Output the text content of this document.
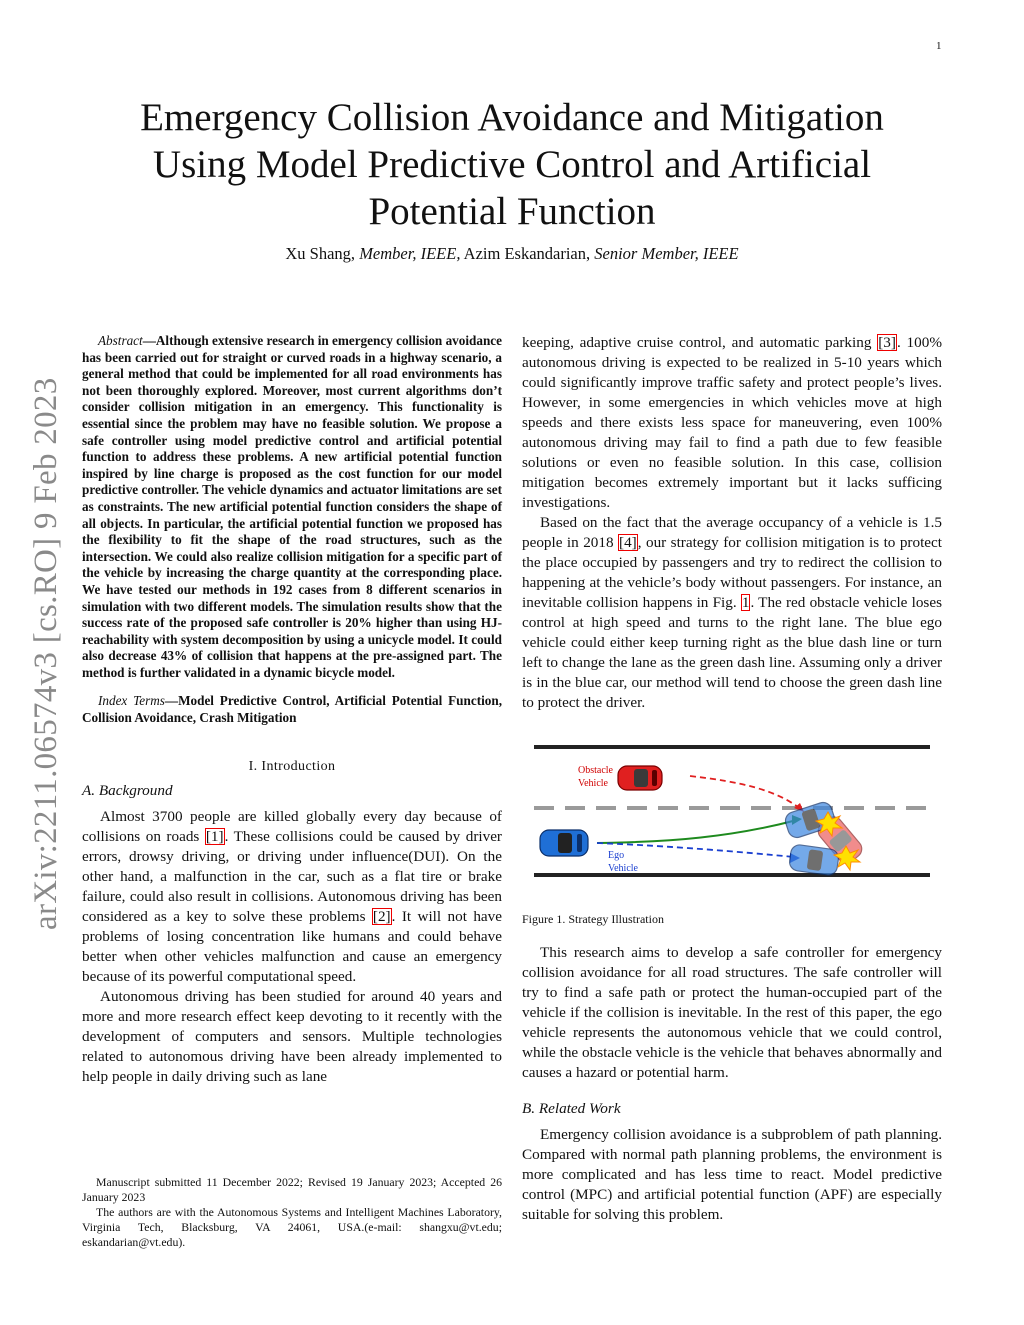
1
arXiv:2211.06574v3 [cs.RO] 9 Feb 2023
Emergency Collision Avoidance and Mitigation Using Model Predictive Control and Artificial Potential Function
Xu Shang, Member, IEEE, Azim Eskandarian, Senior Member, IEEE

Abstract—Although extensive research in emergency collision avoidance has been carried out for straight or curved roads in a highway scenario, a general method that could be implemented for all road environments has not been thoroughly explored. Moreover, most current algorithms don’t consider collision mitigation in an emergency. This functionality is essential since the problem may have no feasible solution. We propose a safe controller using model predictive control and artificial potential function to address these problems. A new artificial potential function inspired by line charge is proposed as the cost function for our model predictive controller. The vehicle dynamics and actuator limitations are set as constraints. The new artificial potential function considers the shape of all objects. In particular, the artificial potential function we proposed has the flexibility to fit the shape of the road structures, such as the intersection. We could also realize collision mitigation for a specific part of the vehicle by increasing the charge quantity at the corresponding place. We have tested our methods in 192 cases from 8 different scenarios in simulation with two different models. The simulation results show that the success rate of the proposed safe controller is 20% higher than using HJ-reachability with system decomposition by using a unicycle model. It could also decrease 43% of collision that happens at the pre-assigned part. The method is further validated in a dynamic bicycle model.

Index Terms—Model Predictive Control, Artificial Potential Function, Collision Avoidance, Crash Mitigation

I. Introduction
A. Background

Almost 3700 people are killed globally every day because of collisions on roads [1]. These collisions could be caused by driver errors, drowsy driving, or driving under influence(DUI). On the other hand, a malfunction in the car, such as a flat tire or brake failure, could also result in collisions. Autonomous driving has been considered as a key to solve these problems [2]. It will not have problems of losing concentration like humans and could behave better when other vehicles malfunction and cause an emergency because of its powerful computational speed.

Autonomous driving has been studied for around 40 years and more and more research effect keep devoting to it recently with the development of computers and sensors. Multiple technologies related to autonomous driving have been already implemented to help people in daily driving such as lane

Manuscript submitted 11 December 2022; Revised 19 January 2023; Accepted 26 January 2023

The authors are with the Autonomous Systems and Intelligent Machines Laboratory, Virginia Tech, Blacksburg, VA 24061, USA.(e-mail: shangxu@vt.edu; eskandarian@vt.edu).

keeping, adaptive cruise control, and automatic parking [3]. 100% autonomous driving is expected to be realized in 5-10 years which could significantly improve traffic safety and protect people’s lives. However, in some emergencies in which vehicles move at high speeds and there exists less space for maneuvering, even 100% autonomous driving may fail to find a path due to few feasible solutions or even no feasible solution. In this case, collision mitigation becomes extremely important but it lacks sufficing investigations.

Based on the fact that the average occupancy of a vehicle is 1.5 people in 2018 [4], our strategy for collision mitigation is to protect the place occupied by passengers and try to redirect the collision to happening at the vehicle’s body without passengers. For instance, an inevitable collision happens in Fig. 1. The red obstacle vehicle loses control at high speed and turns to the right lane. The blue ego vehicle could either keep turning right as the blue dash line or turn left to change the lane as the green dash line. Assuming only a driver is in the blue car, our method will tend to choose the green dash line to protect the driver.

Obstacle
Vehicle
Ego
Vehicle
Figure 1. Strategy Illustration

This research aims to develop a safe controller for emergency collision avoidance for all road structures. The safe controller will try to find a safe path or protect the human-occupied part of the vehicle if the collision is inevitable. In the rest of this paper, the ego vehicle represents the autonomous vehicle that we could control, while the obstacle vehicle is the vehicle that behaves abnormally and causes a hazard or potential harm.

B. Related Work

Emergency collision avoidance is a subproblem of path planning. Compared with normal path planning problems, the environment is more complicated and has less time to react. Model predictive control (MPC) and artificial potential function (APF) are especially suitable for solving this problem.
